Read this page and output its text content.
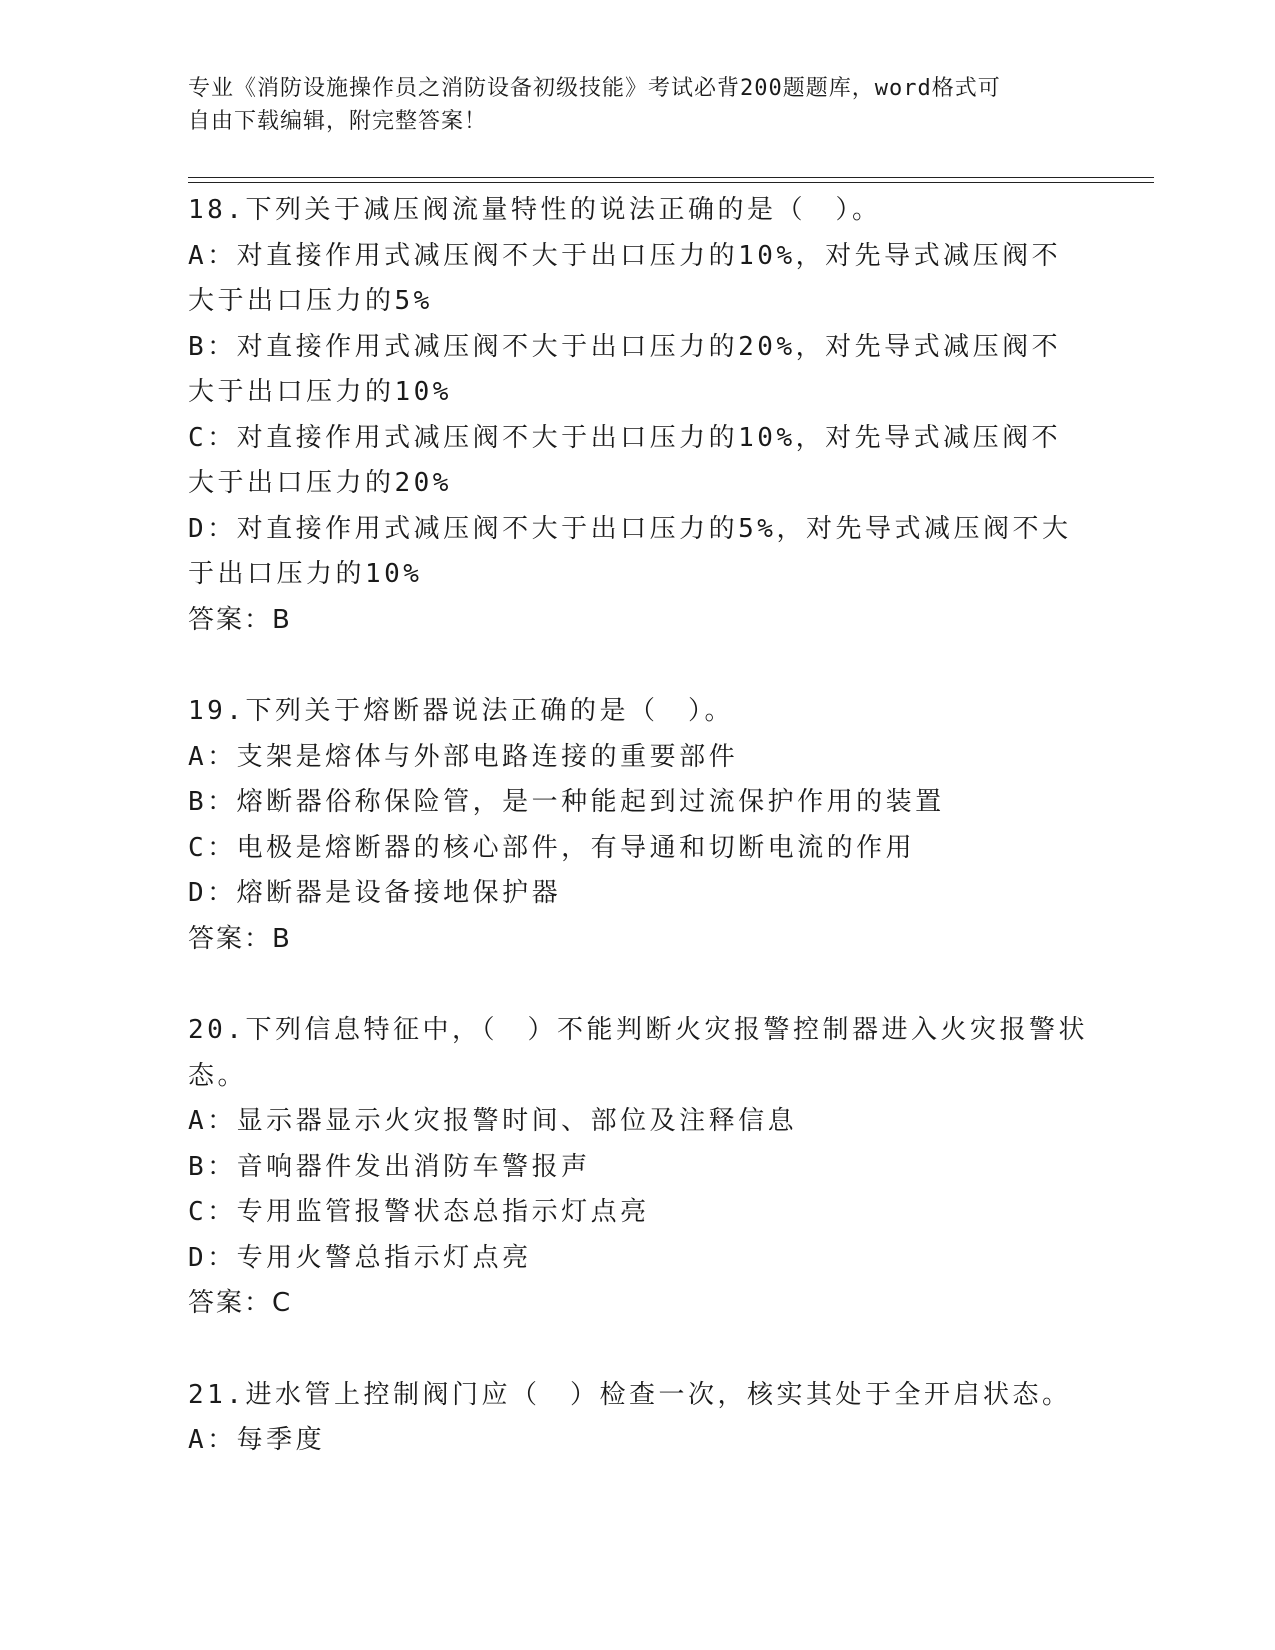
专业《消防设施操作员之消防设备初级技能》考试必背200题题库，word格式可
自由下载编辑，附完整答案！
18.下列关于减压阀流量特性的说法正确的是（　）。
A：对直接作用式减压阀不大于出口压力的10%，对先导式减压阀不大于出口压力的5%
B：对直接作用式减压阀不大于出口压力的20%，对先导式减压阀不大于出口压力的10%
C：对直接作用式减压阀不大于出口压力的10%，对先导式减压阀不大于出口压力的20%
D：对直接作用式减压阀不大于出口压力的5%，对先导式减压阀不大于出口压力的10%
答案：B
19.下列关于熔断器说法正确的是（　）。
A：支架是熔体与外部电路连接的重要部件
B：熔断器俗称保险管，是一种能起到过流保护作用的装置
C：电极是熔断器的核心部件，有导通和切断电流的作用
D：熔断器是设备接地保护器
答案：B
20.下列信息特征中，（　）不能判断火灾报警控制器进入火灾报警状态。
A：显示器显示火灾报警时间、部位及注释信息
B：音响器件发出消防车警报声
C：专用监管报警状态总指示灯点亮
D：专用火警总指示灯点亮
答案：C
21.进水管上控制阀门应（　）检查一次，核实其处于全开启状态。
A：每季度
